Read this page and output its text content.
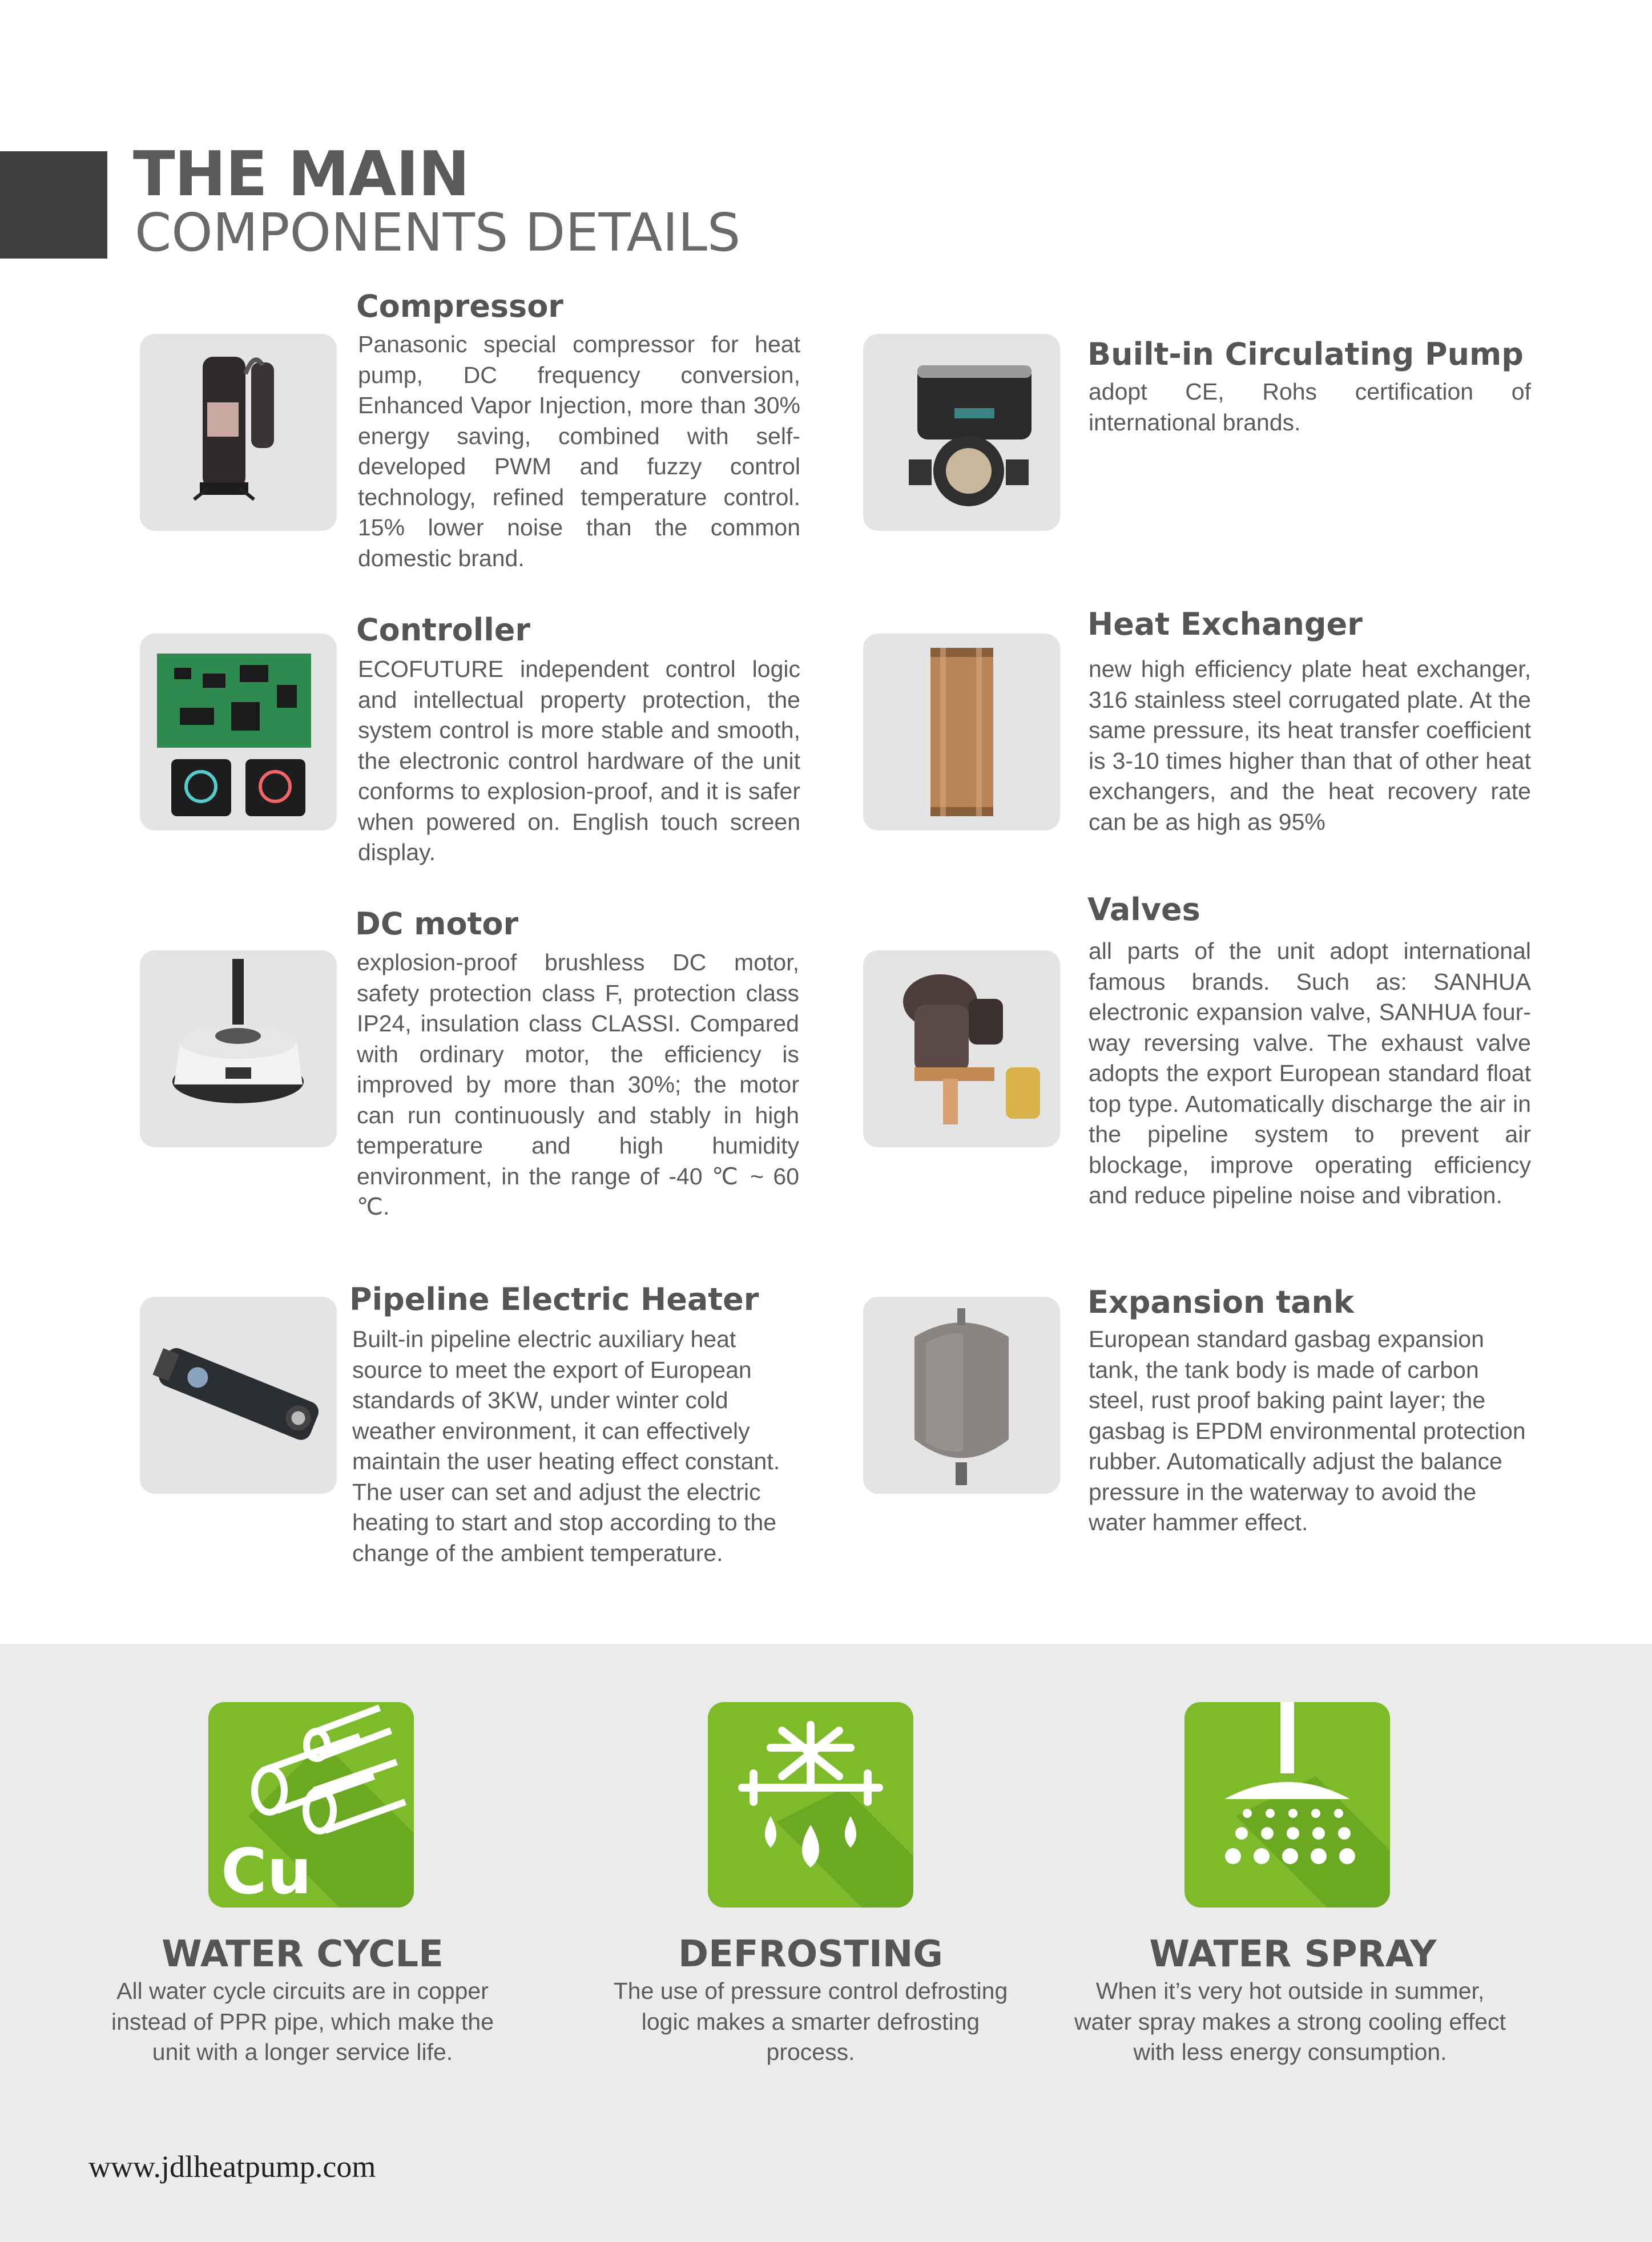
THE MAIN
COMPONENTS DETAILS
Compressor

Panasonic special compressor for heat pump, DC frequency conversion, Enhanced Vapor Injection, more than 30% energy saving, combined with self-developed PWM and fuzzy control technology, refined temperature control. 15% lower noise than the common domestic brand.

Built-in Circulating Pump

adopt CE, Rohs certification of international brands.

Controller

ECOFUTURE independent control logic and intellectual property protection, the system control is more stable and smooth, the electronic control hardware of the unit conforms to explosion-proof, and it is safer when powered on. English touch screen display.

Heat Exchanger

new high efficiency plate heat exchanger, 316 stainless steel corrugated plate. At the same pressure, its heat transfer coefficient is 3-10 times higher than that of other heat exchangers, and the heat recovery rate can be as high as 95%

DC motor

explosion-proof brushless DC motor, safety protection class F, protection class IP24, insulation class CLASSI. Compared with ordinary motor, the efficiency is improved by more than 30%; the motor can run continuously and stably in high temperature and high humidity environment, in the range of -40 ℃ ~ 60 ℃.

Valves

all parts of the unit adopt international famous brands. Such as: SANHUA electronic expansion valve, SANHUA four-way reversing valve. The exhaust valve adopts the export European standard float top type. Automatically discharge the air in the pipeline system to prevent air blockage, improve operating efficiency and reduce pipeline noise and vibration.

Pipeline Electric Heater

Built-in pipeline electric auxiliary heat source to meet the export of European standards of 3KW, under winter cold weather environment, it can effectively maintain the user heating effect constant. The user can set and adjust the electric heating to start and stop according to the change of the ambient temperature.

Expansion tank

European standard gasbag expansion tank, the tank body is made of carbon steel, rust proof baking paint layer; the gasbag is EPDM environmental protection rubber. Automatically adjust the balance pressure in the waterway to avoid the water hammer effect.

Cu
WATER CYCLE
All water cycle circuits are in copper instead of PPR pipe, which make the unit with a longer service life.
DEFROSTING
The use of pressure control defrosting logic makes a smarter defrosting process.
WATER SPRAY
When it’s very hot outside in summer, water spray makes a strong cooling effect with less energy consumption.
www.jdlheatpump.com
